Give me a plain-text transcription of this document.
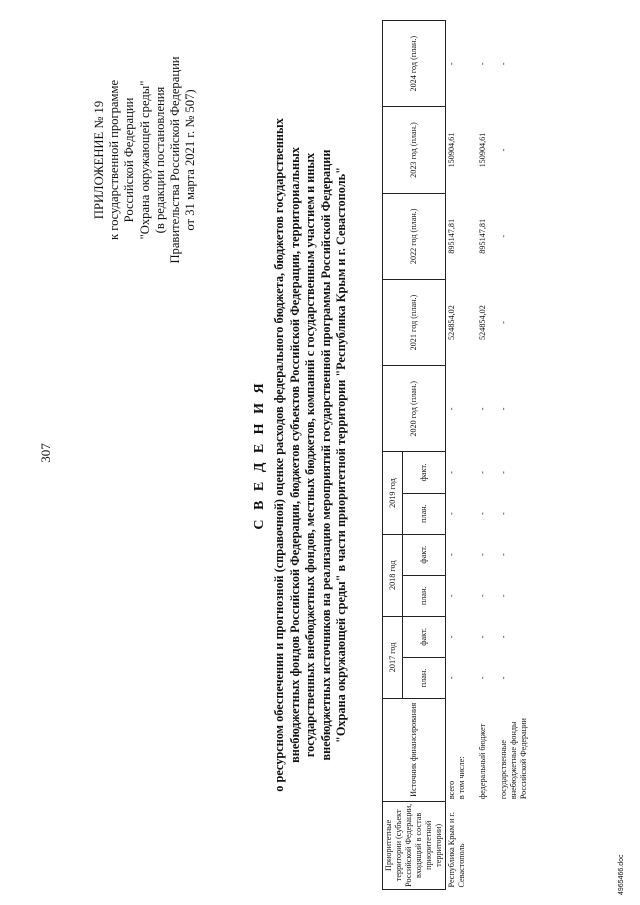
307
ПРИЛОЖЕНИЕ № 19 к государственной программе Российской Федерации "Охрана окружающей среды" (в редакции постановления Правительства Российской Федерации от 31 марта 2021 г. № 507)
С В Е Д Е Н И Я о ресурсном обеспечении и прогнозной (справочной) оценке расходов федерального бюджета, бюджетов государственных внебюджетных фондов Российской Федерации, бюджетов субъектов Российской Федерации, территориальных государственных внебюджетных фондов, местных бюджетов, компаний с государственным участием и иных внебюджетных источников на реализацию мероприятий государственной программы Российской Федерации "Охрана окружающей среды" в части приоритетной территории "Республика Крым и г. Севастополь"
Приоритетные территории (субъект Российской Федерации, входящий в состав приоритетной территории)	Источник финансирования	2017 год		2018 год		2019 год		2020 год (план.)	2021 год (план.)	2022 год (план.)	2023 год (план.)	2024 год (план.)
		план.	факт.	план.	факт.	план.	факт.					
Республика Крым и г. Севастополь	всего в том числе:	-	-	-	-	-	-	-	524854,02	895147,81	150904,61	-
	федеральный бюджет	-	-	-	-	-	-	-	524854,02	895147,81	150904,61	-
	государственные внебюджетные фонды Российской Федерации	-	-	-	-	-	-	-	-	-	-	-
4965466.doc
